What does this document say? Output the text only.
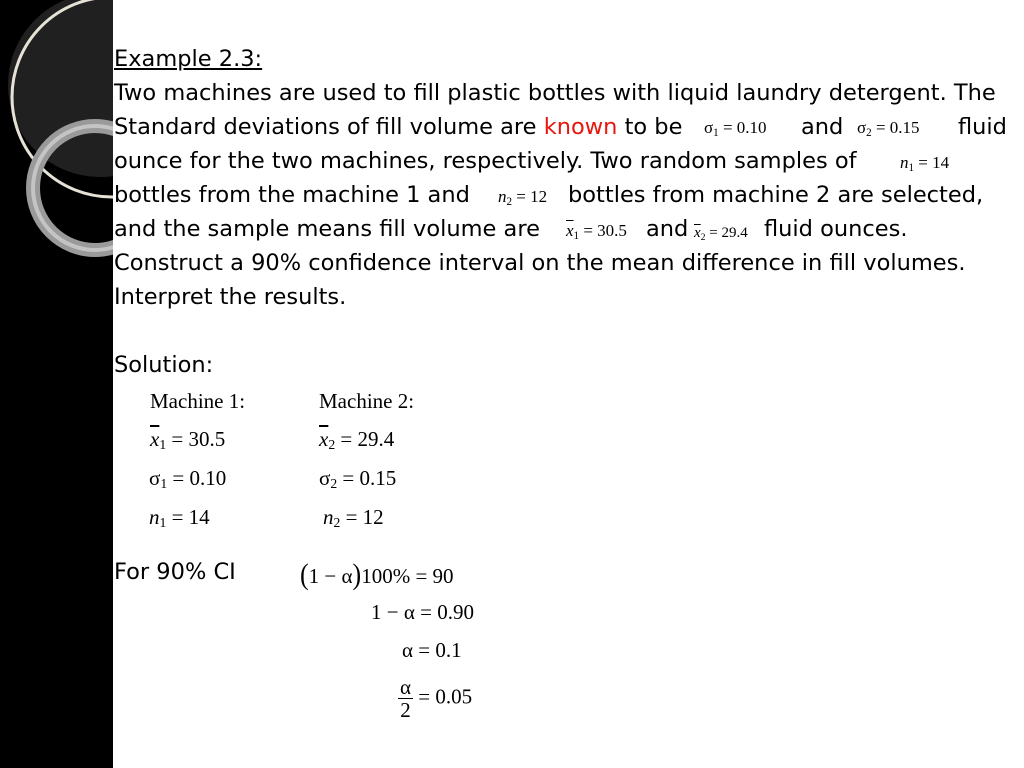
Example 2.3:
Two machines are used to fill plastic bottles with liquid laundry detergent. The
Standard deviations of fill volume are known to be $\sigma_1 = 0.10$ and $\sigma_2 = 0.15$ fluid
ounce for the two machines, respectively. Two random samples of	$n_1 = 14$
bottles from the machine 1 and $n_2 = 12$ bottles from machine 2 are selected,
and the sample means fill volume are $\overline{x}_1 = 30.5$ and $\overline{x}_2 = 29.4$ fluid ounces.
Construct a 90% confidence interval on the mean difference in fill volumes.
Interpret the results.
Solution:
Machine 1:	Machine 2:
$\overline{x}_1 = 30.5$	$\overline{x}_2 = 29.4$
$\sigma_1 = 0.10$	$\sigma_2 = 0.15$
$n_1 = 14$	$n_2 = 12$
For 90% CI (1 − α)100% = 90
1 − α = 0.90
α = 0.1
$\frac{\alpha}{2} = 0.05$
